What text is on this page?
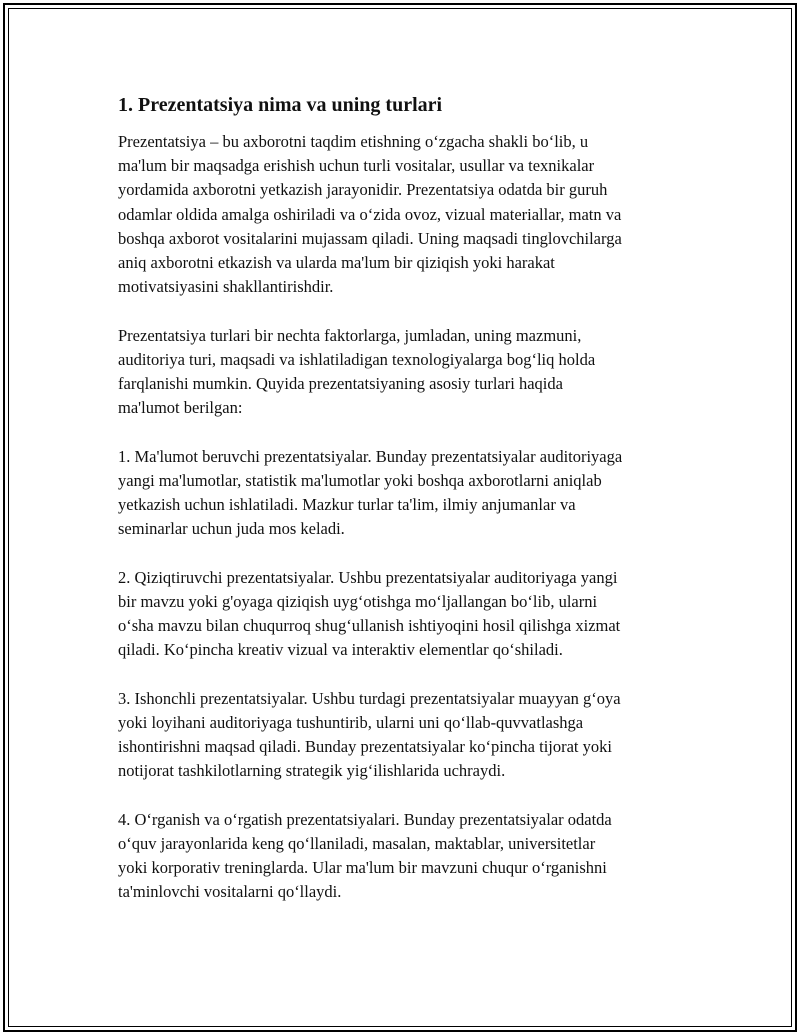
1. Prezentatsiya nima va uning turlari

Prezentatsiya – bu axborotni taqdim etishning o‘zgacha shakli bo‘lib, u
ma'lum bir maqsadga erishish uchun turli vositalar, usullar va texnikalar
yordamida axborotni yetkazish jarayonidir. Prezentatsiya odatda bir guruh
odamlar oldida amalga oshiriladi va o‘zida ovoz, vizual materiallar, matn va
boshqa axborot vositalarini mujassam qiladi. Uning maqsadi tinglovchilarga
aniq axborotni etkazish va ularda ma'lum bir qiziqish yoki harakat
motivatsiyasini shakllantirishdir.

Prezentatsiya turlari bir nechta faktorlarga, jumladan, uning mazmuni,
auditoriya turi, maqsadi va ishlatiladigan texnologiyalarga bog‘liq holda
farqlanishi mumkin. Quyida prezentatsiyaning asosiy turlari haqida
ma'lumot berilgan:

1. Ma'lumot beruvchi prezentatsiyalar. Bunday prezentatsiyalar auditoriyaga
yangi ma'lumotlar, statistik ma'lumotlar yoki boshqa axborotlarni aniqlab
yetkazish uchun ishlatiladi. Mazkur turlar ta'lim, ilmiy anjumanlar va
seminarlar uchun juda mos keladi.

2. Qiziqtiruvchi prezentatsiyalar. Ushbu prezentatsiyalar auditoriyaga yangi
bir mavzu yoki g'oyaga qiziqish uyg‘otishga mo‘ljallangan bo‘lib, ularni
o‘sha mavzu bilan chuqurroq shug‘ullanish ishtiyoqini hosil qilishga xizmat
qiladi. Ko‘pincha kreativ vizual va interaktiv elementlar qo‘shiladi.

3. Ishonchli prezentatsiyalar. Ushbu turdagi prezentatsiyalar muayyan g‘oya
yoki loyihani auditoriyaga tushuntirib, ularni uni qo‘llab-quvvatlashga
ishontirishni maqsad qiladi. Bunday prezentatsiyalar ko‘pincha tijorat yoki
notijorat tashkilotlarning strategik yig‘ilishlarida uchraydi.

4. O‘rganish va o‘rgatish prezentatsiyalari. Bunday prezentatsiyalar odatda
o‘quv jarayonlarida keng qo‘llaniladi, masalan, maktablar, universitetlar
yoki korporativ treninglarda. Ular ma'lum bir mavzuni chuqur o‘rganishni
ta'minlovchi vositalarni qo‘llaydi.
